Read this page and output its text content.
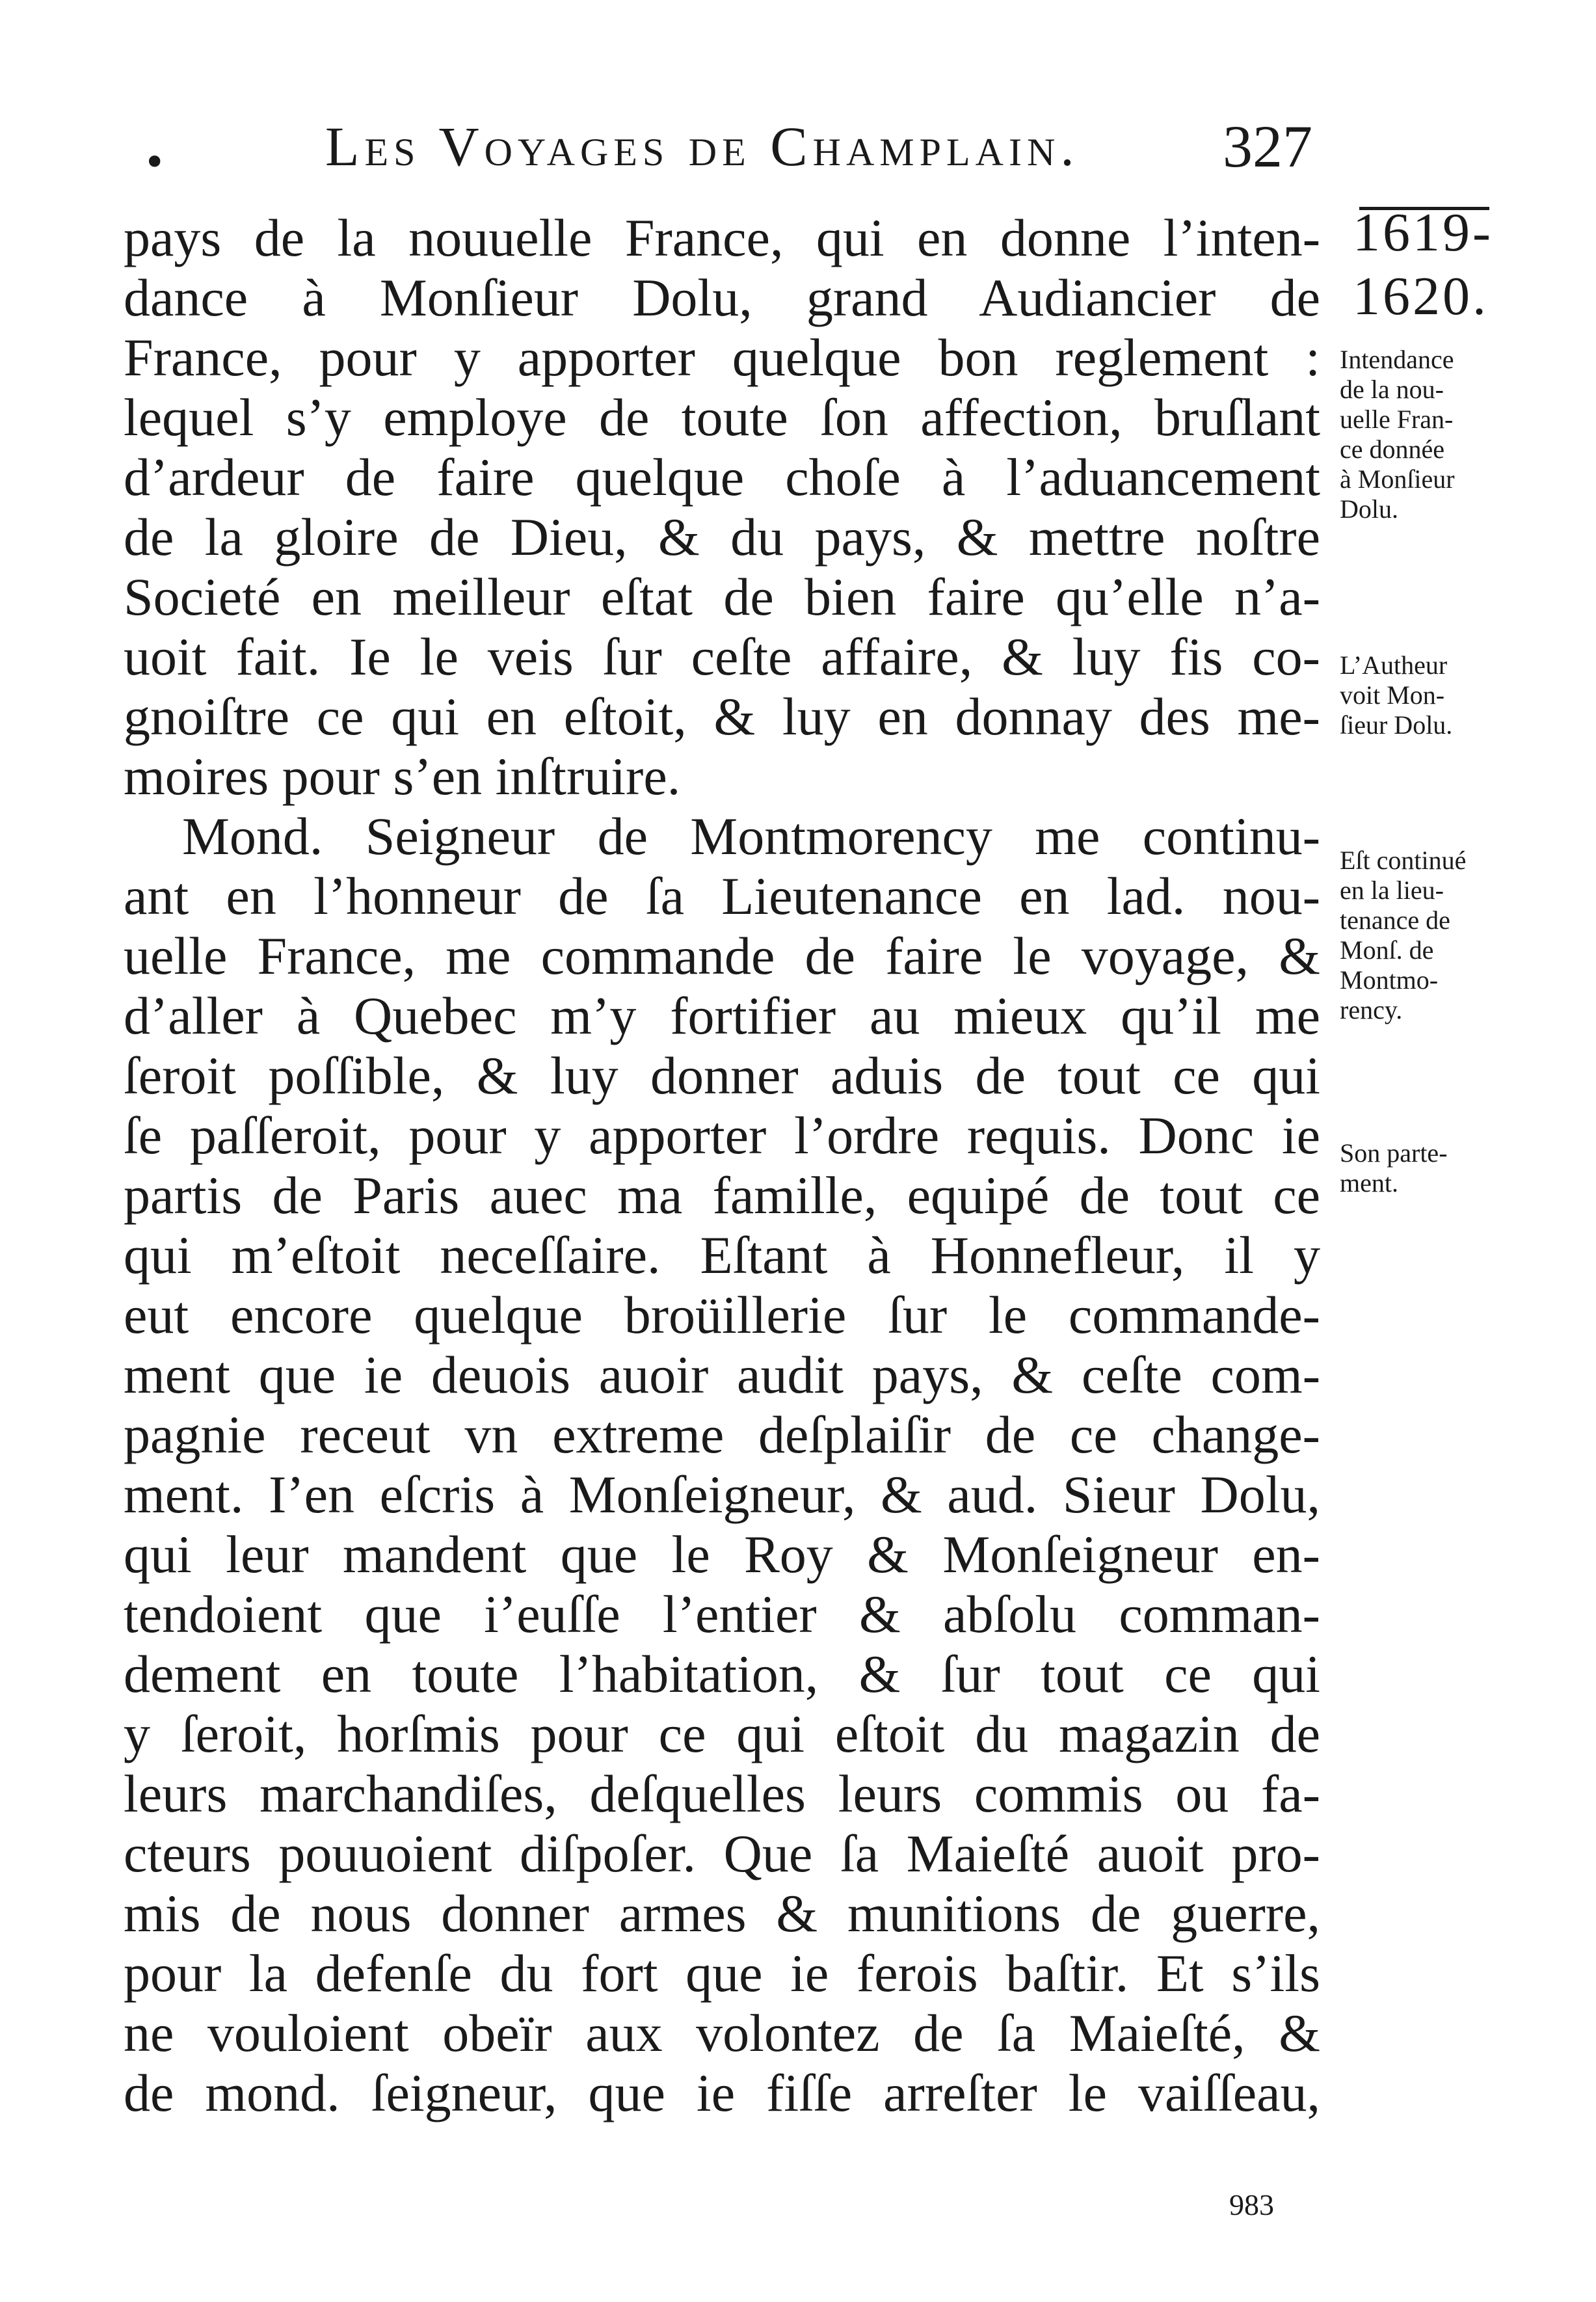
•	Les Voyages de Champlain. 327
1619-
1620.
pays de la nouuelle France, qui en donne l’inten-
dance à Monſieur Dolu, grand Audiancier de
France, pour y apporter quelque bon reglement :
lequel s’y employe de toute ſon affection, bruſlant
d’ardeur de faire quelque choſe à l’aduancement
de la gloire de Dieu, & du pays, & mettre noſtre
Societé en meilleur eſtat de bien faire qu’elle n’a-
uoit fait. Ie le veis ſur ceſte affaire, & luy fis co-
gnoiſtre ce qui en eſtoit, & luy en donnay des me-
moires pour s’en inſtruire.
Mond. Seigneur de Montmorency me continu-
ant en l’honneur de ſa Lieutenance en lad. nou-
uelle France, me commande de faire le voyage, &
d’aller à Quebec m’y fortifier au mieux qu’il me
ſeroit poſſible, & luy donner aduis de tout ce qui
ſe paſſeroit, pour y apporter l’ordre requis. Donc ie
partis de Paris auec ma famille, equipé de tout ce
qui m’eſtoit neceſſaire. Eſtant à Honnefleur, il y
eut encore quelque broüillerie ſur le commande-
ment que ie deuois auoir audit pays, & ceſte com-
pagnie receut vn extreme deſplaiſir de ce change-
ment. I’en eſcris à Monſeigneur, & aud. Sieur Dolu,
qui leur mandent que le Roy & Monſeigneur en-
tendoient que i’euſſe l’entier & abſolu comman-
dement en toute l’habitation, & ſur tout ce qui
y ſeroit, horſmis pour ce qui eſtoit du magazin de
leurs marchandiſes, deſquelles leurs commis ou fa-
cteurs pouuoient diſpoſer. Que ſa Maieſté auoit pro-
mis de nous donner armes & munitions de guerre,
pour la defenſe du fort que ie ferois baſtir. Et s’ils
ne vouloient obeïr aux volontez de ſa Maieſté, &
de mond. ſeigneur, que ie fiſſe arreſter le vaiſſeau,
Intendance
de la nou-
uelle Fran-
ce donnée
à Monſieur
Dolu.
L’Autheur
voit Mon-
ſieur Dolu.
Eſt continué
en la lieu-
tenance de
Monſ. de
Montmo-
rency.
Son parte-
ment.
983
